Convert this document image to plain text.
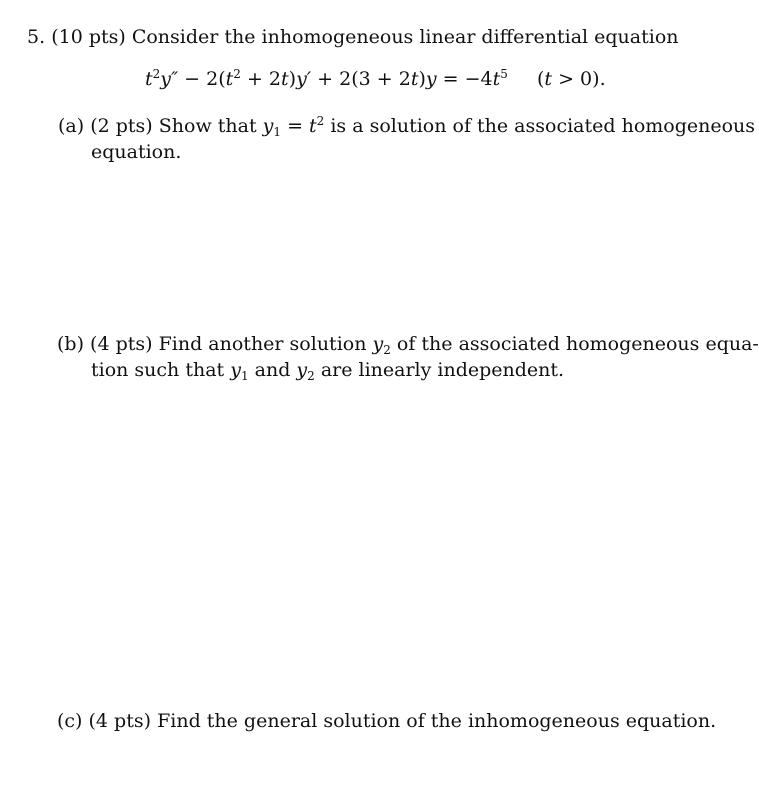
5. (10 pts) Consider the inhomogeneous linear differential equation
$t^2y'' - 2(t^2 + 2t)y' + 2(3 + 2t)y = -4t^5$ (t > 0).
(a) (2 pts) Show that $y_1 = t^2$ is a solution of the associated homogeneous
equation.
(b) (4 pts) Find another solution $y_2$ of the associated homogeneous equa-
tion such that $y_1$ and $y_2$ are linearly independent.
(c) (4 pts) Find the general solution of the inhomogeneous equation.
